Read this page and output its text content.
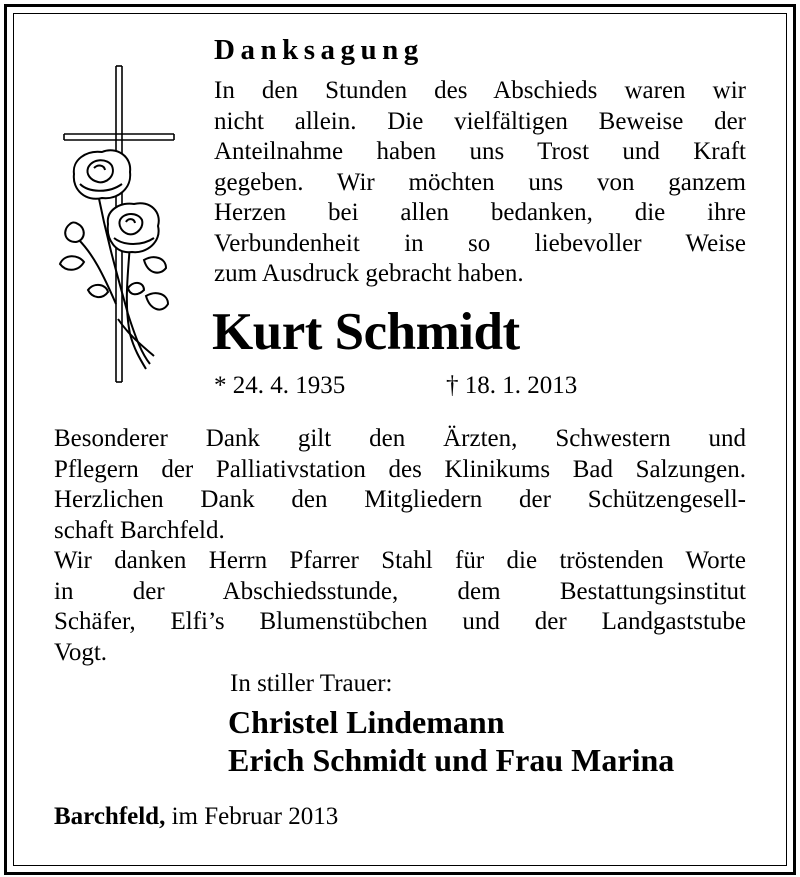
Danksagung
In den Stunden des Abschieds waren wir
nicht allein. Die vielfältigen Beweise der
Anteilnahme haben uns Trost und Kraft
gegeben. Wir möchten uns von ganzem
Herzen bei allen bedanken, die ihre
Verbundenheit in so liebevoller Weise
zum Ausdruck gebracht haben.
Kurt Schmidt
* 24. 4. 1935	† 18. 1. 2013
Besonderer Dank gilt den Ärzten, Schwestern und
Pflegern der Palliativstation des Klinikums Bad Salzungen.
Herzlichen Dank den Mitgliedern der Schützengesell-
schaft Barchfeld.
Wir danken Herrn Pfarrer Stahl für die tröstenden Worte
in der Abschiedsstunde, dem Bestattungsinstitut
Schäfer, Elfi’s Blumenstübchen und der Landgaststube
Vogt.
In stiller Trauer:
Christel Lindemann
Erich Schmidt und Frau Marina
Barchfeld, im Februar 2013
